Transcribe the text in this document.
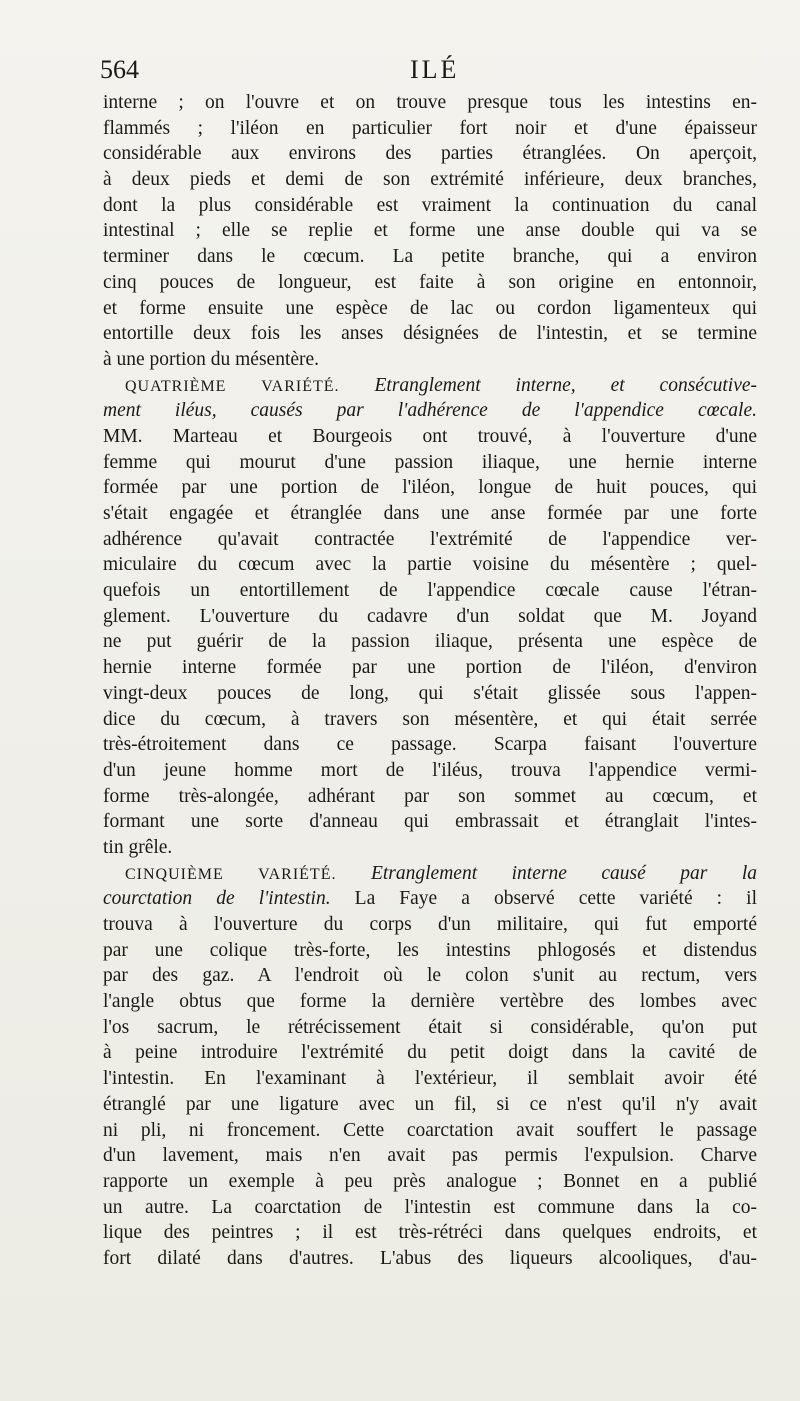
564	ILÉ
interne ; on l'ouvre et on trouve presque tous les intestins en-
flammés ; l'iléon en particulier fort noir et d'une épaisseur
considérable aux environs des parties étranglées. On aperçoit,
à deux pieds et demi de son extrémité inférieure, deux branches,
dont la plus considérable est vraiment la continuation du canal
intestinal ; elle se replie et forme une anse double qui va se
terminer dans le cœcum. La petite branche, qui a environ
cinq pouces de longueur, est faite à son origine en entonnoir,
et forme ensuite une espèce de lac ou cordon ligamenteux qui
entortille deux fois les anses désignées de l'intestin, et se termine
à une portion du mésentère.
QUATRIÈME VARIÉTÉ. Etranglement interne, et consécutive-
ment iléus, causés par l'adhérence de l'appendice cœcale.
MM. Marteau et Bourgeois ont trouvé, à l'ouverture d'une
femme qui mourut d'une passion iliaque, une hernie interne
formée par une portion de l'iléon, longue de huit pouces, qui
s'était engagée et étranglée dans une anse formée par une forte
adhérence qu'avait contractée l'extrémité de l'appendice ver-
miculaire du cœcum avec la partie voisine du mésentère ; quel-
quefois un entortillement de l'appendice cœcale cause l'étran-
glement. L'ouverture du cadavre d'un soldat que M. Joyand
ne put guérir de la passion iliaque, présenta une espèce de
hernie interne formée par une portion de l'iléon, d'environ
vingt-deux pouces de long, qui s'était glissée sous l'appen-
dice du cœcum, à travers son mésentère, et qui était serrée
très-étroitement dans ce passage. Scarpa faisant l'ouverture
d'un jeune homme mort de l'iléus, trouva l'appendice vermi-
forme très-alongée, adhérant par son sommet au cœcum, et
formant une sorte d'anneau qui embrassait et étranglait l'intes-
tin grêle.
CINQUIÈME VARIÉTÉ. Etranglement interne causé par la
courctation de l'intestin. La Faye a observé cette variété : il
trouva à l'ouverture du corps d'un militaire, qui fut emporté
par une colique très-forte, les intestins phlogosés et distendus
par des gaz. A l'endroit où le colon s'unit au rectum, vers
l'angle obtus que forme la dernière vertèbre des lombes avec
l'os sacrum, le rétrécissement était si considérable, qu'on put
à peine introduire l'extrémité du petit doigt dans la cavité de
l'intestin. En l'examinant à l'extérieur, il semblait avoir été
étranglé par une ligature avec un fil, si ce n'est qu'il n'y avait
ni pli, ni froncement. Cette coarctation avait souffert le passage
d'un lavement, mais n'en avait pas permis l'expulsion. Charve
rapporte un exemple à peu près analogue ; Bonnet en a publié
un autre. La coarctation de l'intestin est commune dans la co-
lique des peintres ; il est très-rétréci dans quelques endroits, et
fort dilaté dans d'autres. L'abus des liqueurs alcooliques, d'au-
